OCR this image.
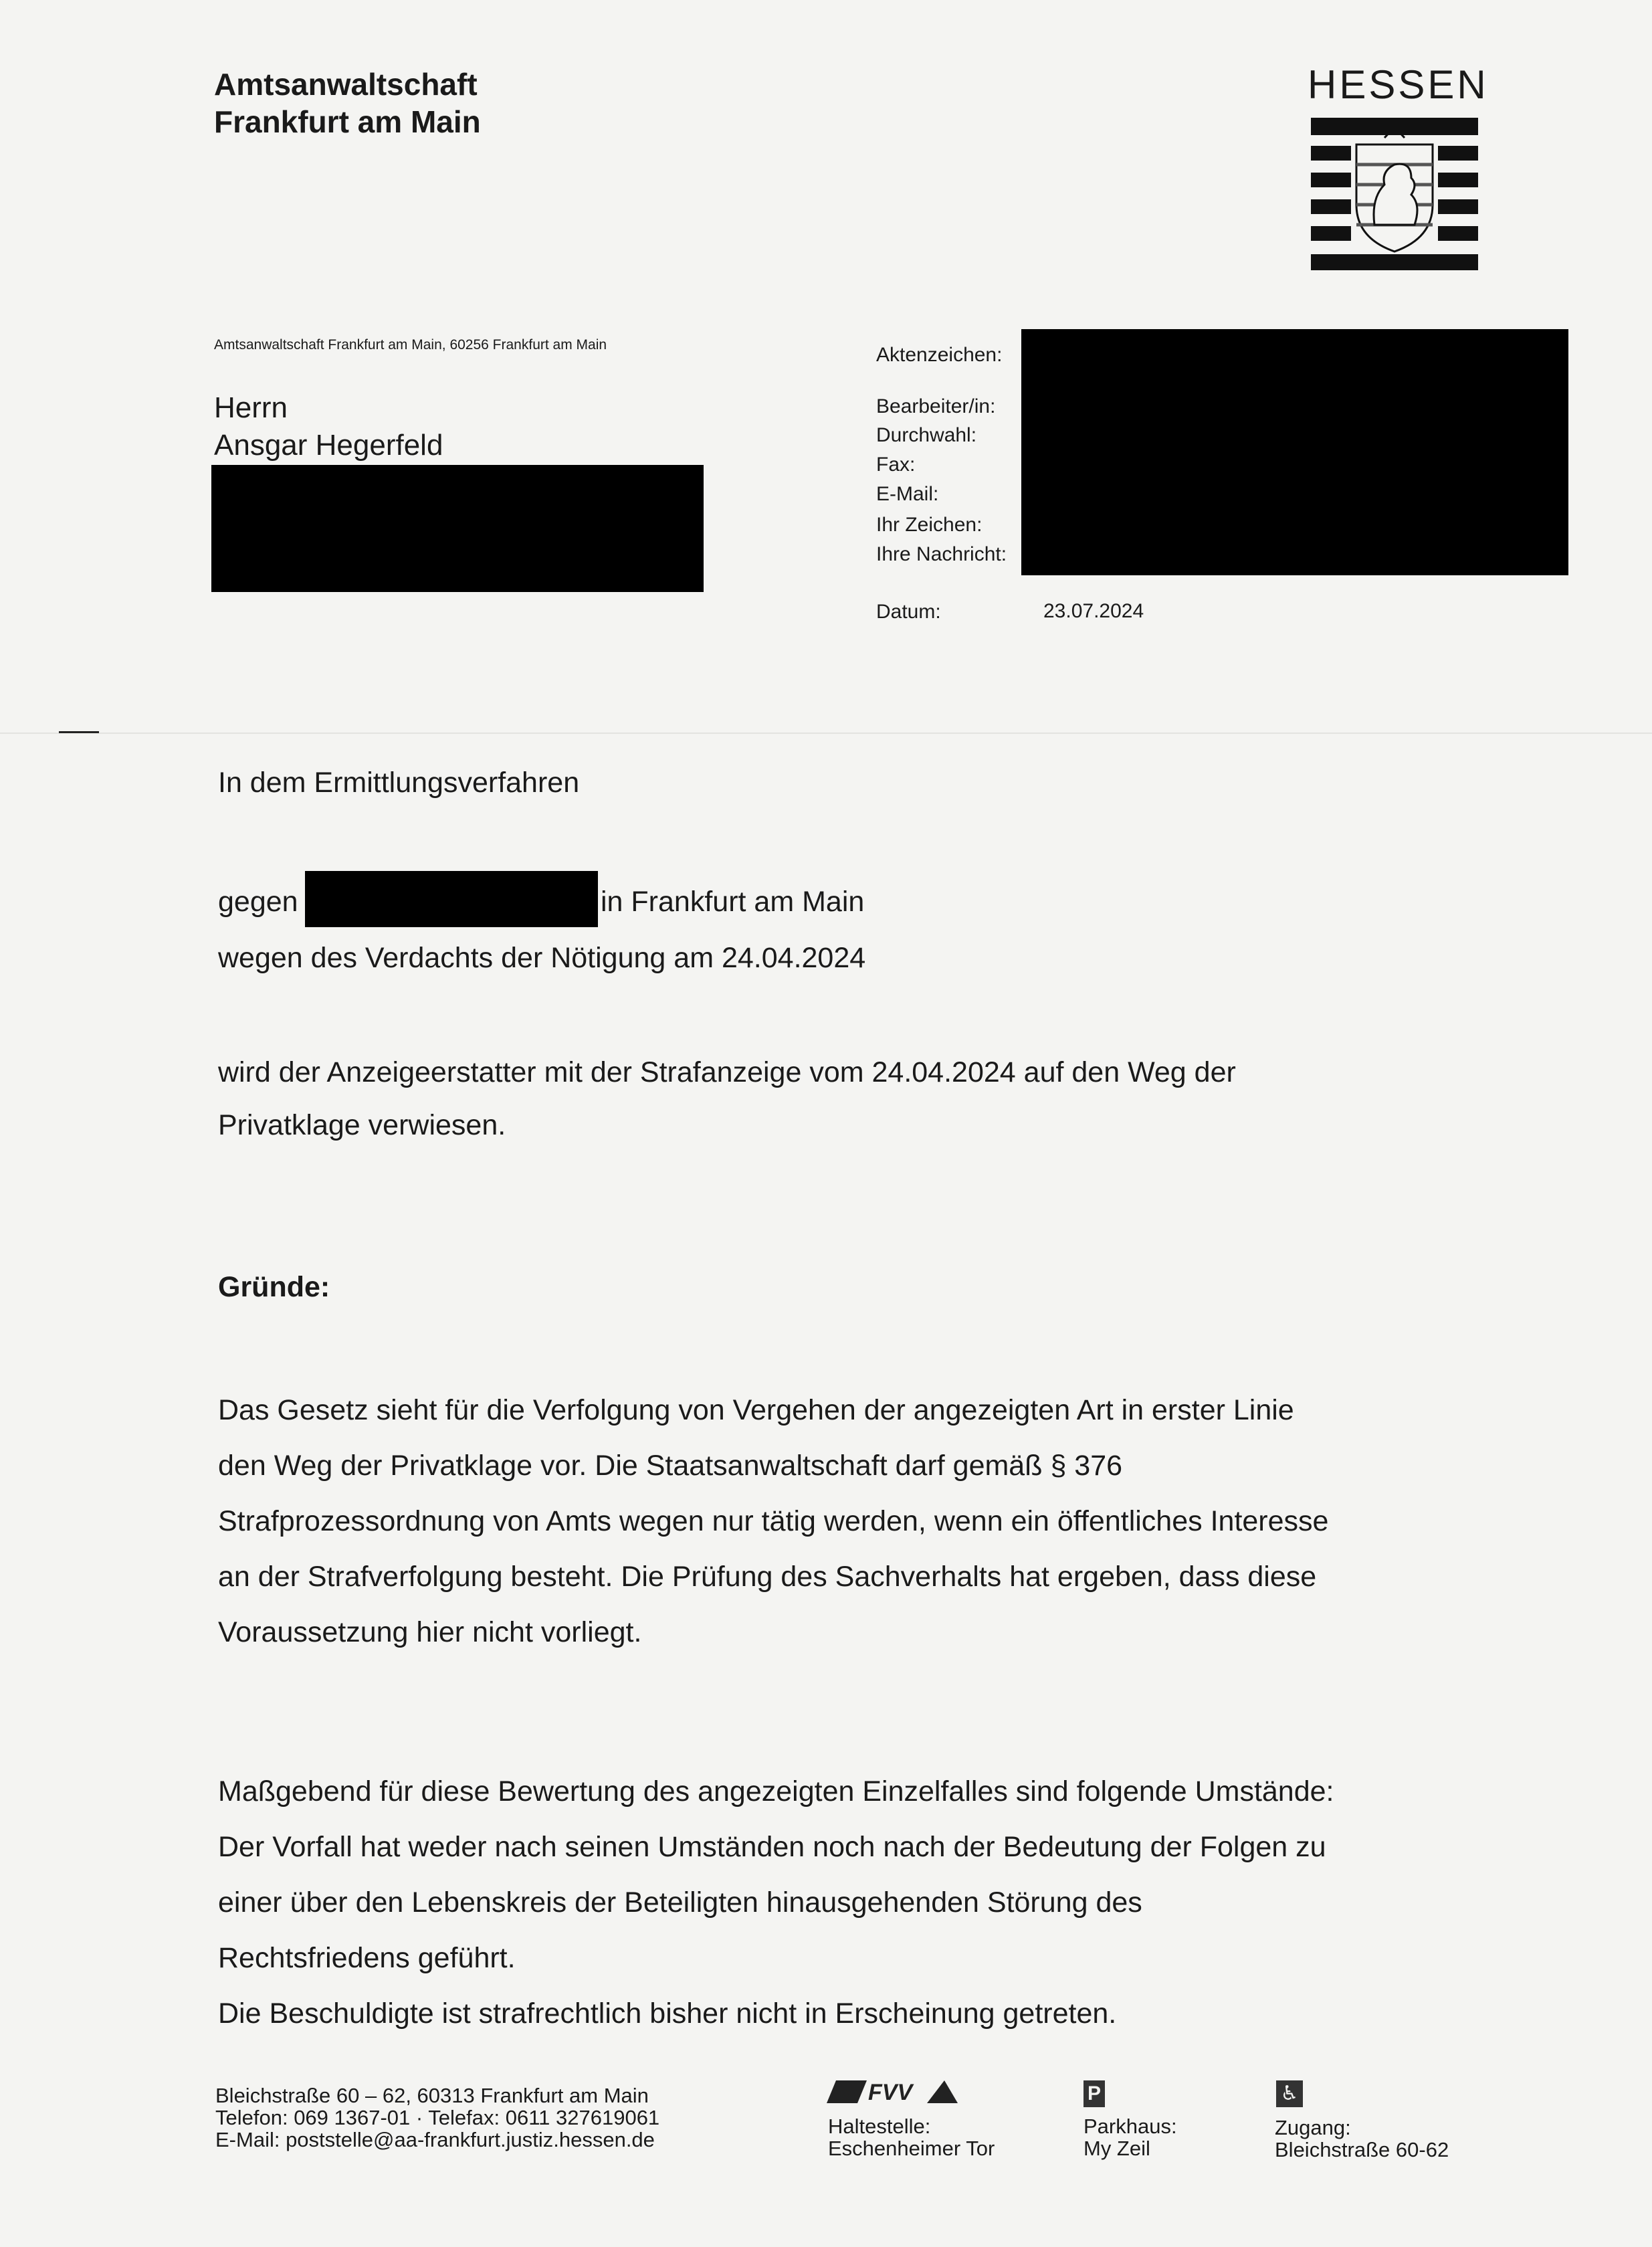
Amtsanwaltschaft
Frankfurt am Main
HESSEN
Amtsanwaltschaft Frankfurt am Main, 60256 Frankfurt am Main
Herrn
Ansgar Hegerfeld
Aktenzeichen:
Bearbeiter/in:
Durchwahl:
Fax:
E-Mail:
Ihr Zeichen:
Ihre Nachricht:
Datum:	23.07.2024
In dem Ermittlungsverfahren
gegen	in Frankfurt am Main
wegen des Verdachts der Nötigung am 24.04.2024
wird der Anzeigeerstatter mit der Strafanzeige vom 24.04.2024 auf den Weg der
Privatklage verwiesen.
Gründe:
Das Gesetz sieht für die Verfolgung von Vergehen der angezeigten Art in erster Linie
den Weg der Privatklage vor. Die Staatsanwaltschaft darf gemäß § 376
Strafprozessordnung von Amts wegen nur tätig werden, wenn ein öffentliches Interesse
an der Strafverfolgung besteht. Die Prüfung des Sachverhalts hat ergeben, dass diese
Voraussetzung hier nicht vorliegt.
Maßgebend für diese Bewertung des angezeigten Einzelfalles sind folgende Umstände:
Der Vorfall hat weder nach seinen Umständen noch nach der Bedeutung der Folgen zu
einer über den Lebenskreis der Beteiligten hinausgehenden Störung des
Rechtsfriedens geführt.
Die Beschuldigte ist strafrechtlich bisher nicht in Erscheinung getreten.
Bleichstraße 60 – 62, 60313 Frankfurt am Main
Telefon: 069 1367-01 · Telefax: 0611 327619061
E-Mail: poststelle@aa-frankfurt.justiz.hessen.de
FVV
Haltestelle:
Eschenheimer Tor
P
Parkhaus:
My Zeil
♿
Zugang:
Bleichstraße 60-62
